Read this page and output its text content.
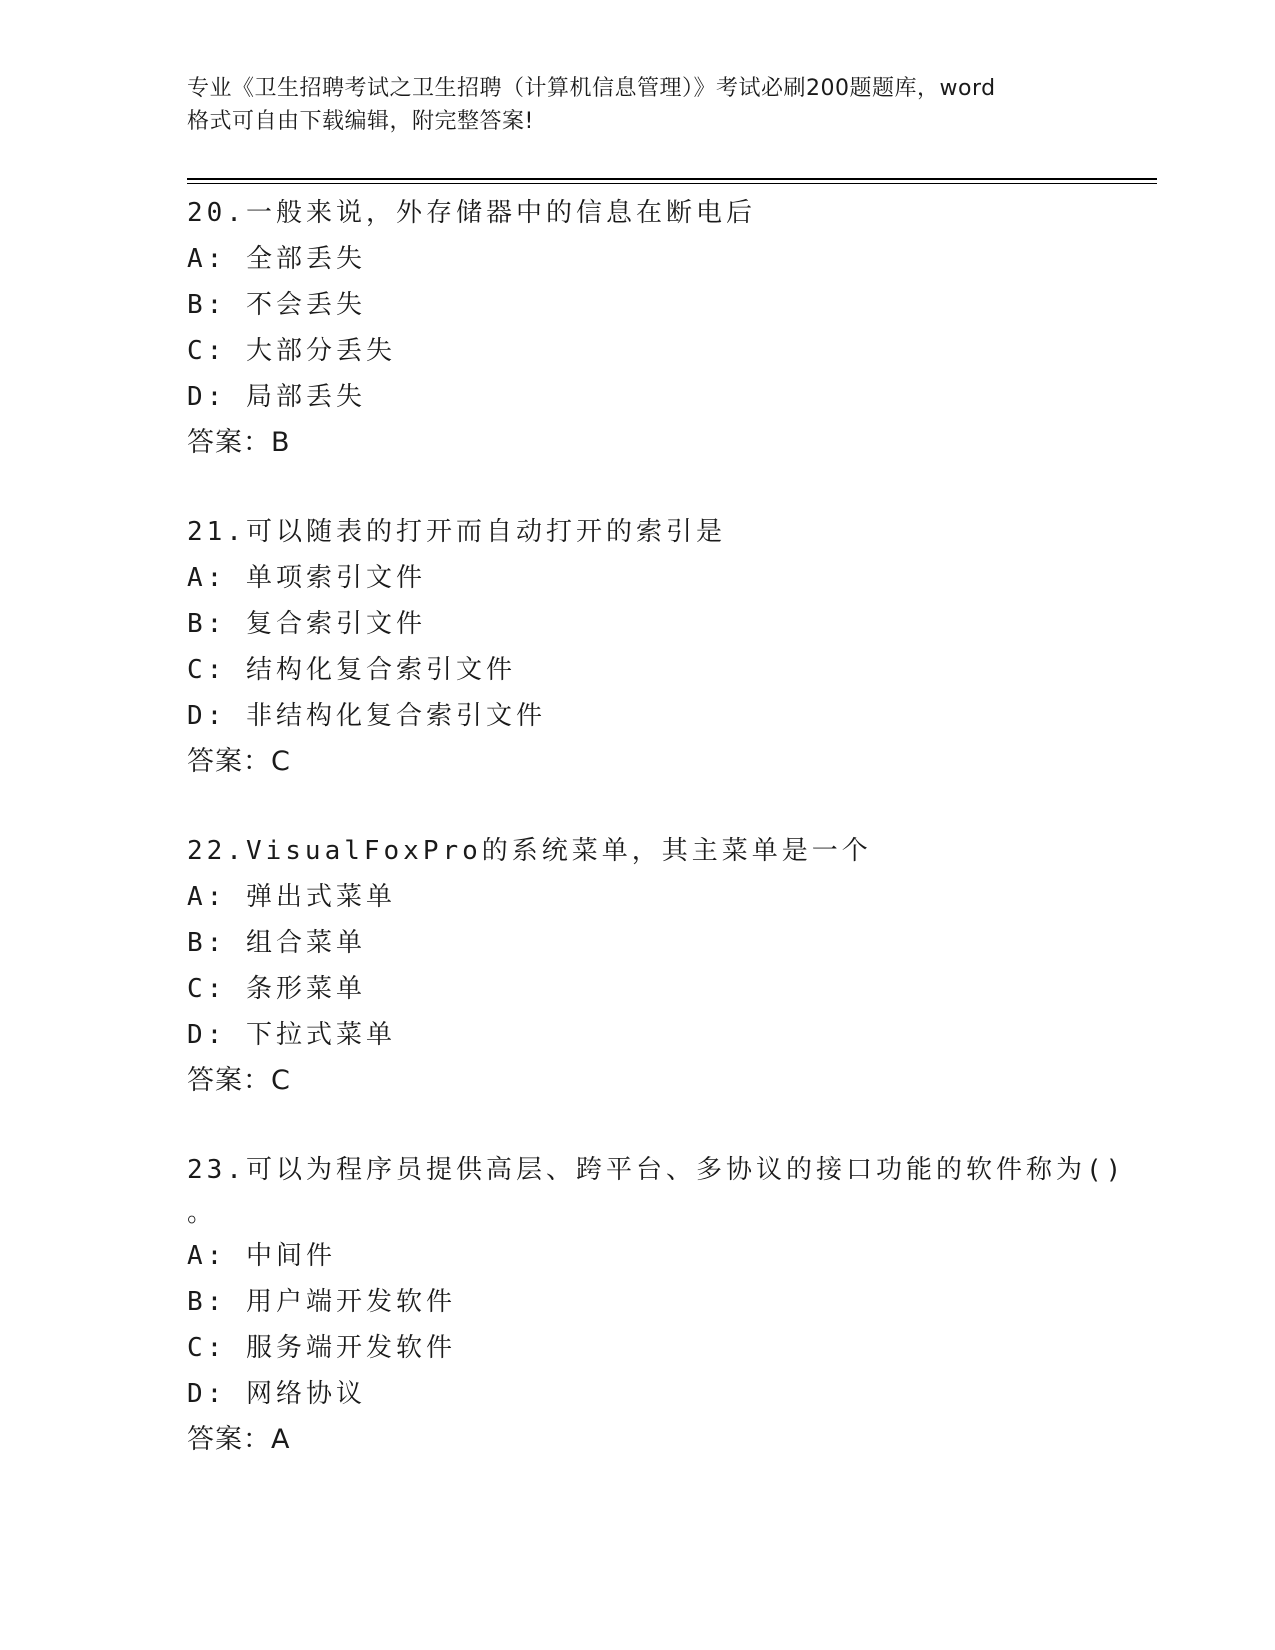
专业《卫生招聘考试之卫生招聘（计算机信息管理）》考试必刷200题题库，word
格式可自由下载编辑，附完整答案!
20.一般来说，外存储器中的信息在断电后
A: 全部丢失
B: 不会丢失
C: 大部分丢失
D: 局部丢失
答案：B
21.可以随表的打开而自动打开的索引是
A: 单项索引文件
B: 复合索引文件
C: 结构化复合索引文件
D: 非结构化复合索引文件
答案：C
22.VisualFoxPro的系统菜单，其主菜单是一个
A: 弹出式菜单
B: 组合菜单
C: 条形菜单
D: 下拉式菜单
答案：C
23.可以为程序员提供高层、跨平台、多协议的接口功能的软件称为()
。
A: 中间件
B: 用户端开发软件
C: 服务端开发软件
D: 网络协议
答案：A
